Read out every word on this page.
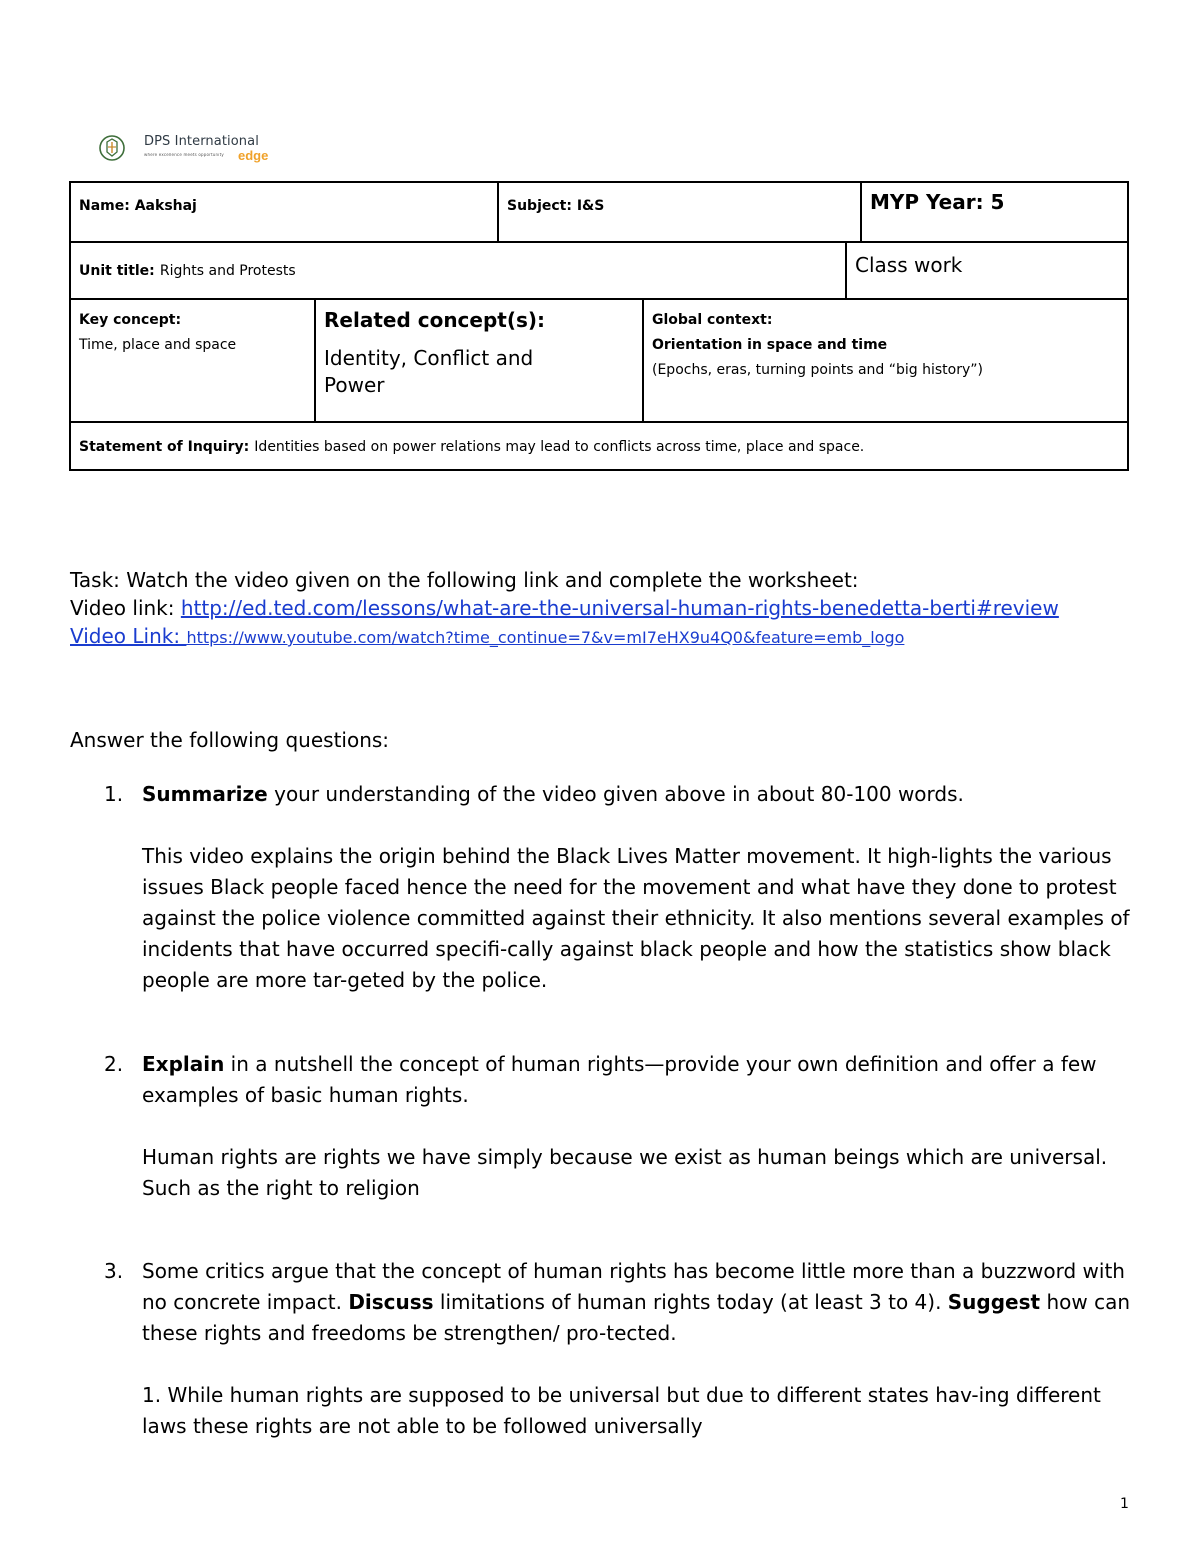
DPS International
where excellence meets opportunity	edge
Name: Aakshaj	Subject: I&S	MYP Year: 5
Unit title: Rights and Protests	Class work
Key concept:
Time, place and space
Related concept(s):
Identity, Conflict and Power
Global context:
Orientation in space and time
(Epochs, eras, turning points and “big history”)
Statement of Inquiry: Identities based on power relations may lead to conflicts across time, place and space.
Task: Watch the video given on the following link and complete the worksheet:
Video link: http://ed.ted.com/lessons/what-are-the-universal-human-rights-benedetta-berti#review
Video Link: https://www.youtube.com/watch?time_continue=7&v=mI7eHX9u4Q0&feature=emb_logo
Answer the following questions:
1. Summarize your understanding of the video given above in about 80-100 words.

This video explains the origin behind the Black Lives Matter movement. It high-lights the various issues Black people faced hence the need for the movement and what have they done to protest against the police violence committed against their ethnicity. It also mentions several examples of incidents that have occurred specifi-cally against black people and how the statistics show black people are more tar-geted by the police.

2. Explain in a nutshell the concept of human rights—provide your own definition and offer a few examples of basic human rights.

Human rights are rights we have simply because we exist as human beings which are universal. Such as the right to religion

3. Some critics argue that the concept of human rights has become little more than a buzzword with no concrete impact. Discuss limitations of human rights today (at least 3 to 4). Suggest how can these rights and freedoms be strengthen/ pro-tected.

1. While human rights are supposed to be universal but due to different states hav-ing different laws these rights are not able to be followed universally

1
